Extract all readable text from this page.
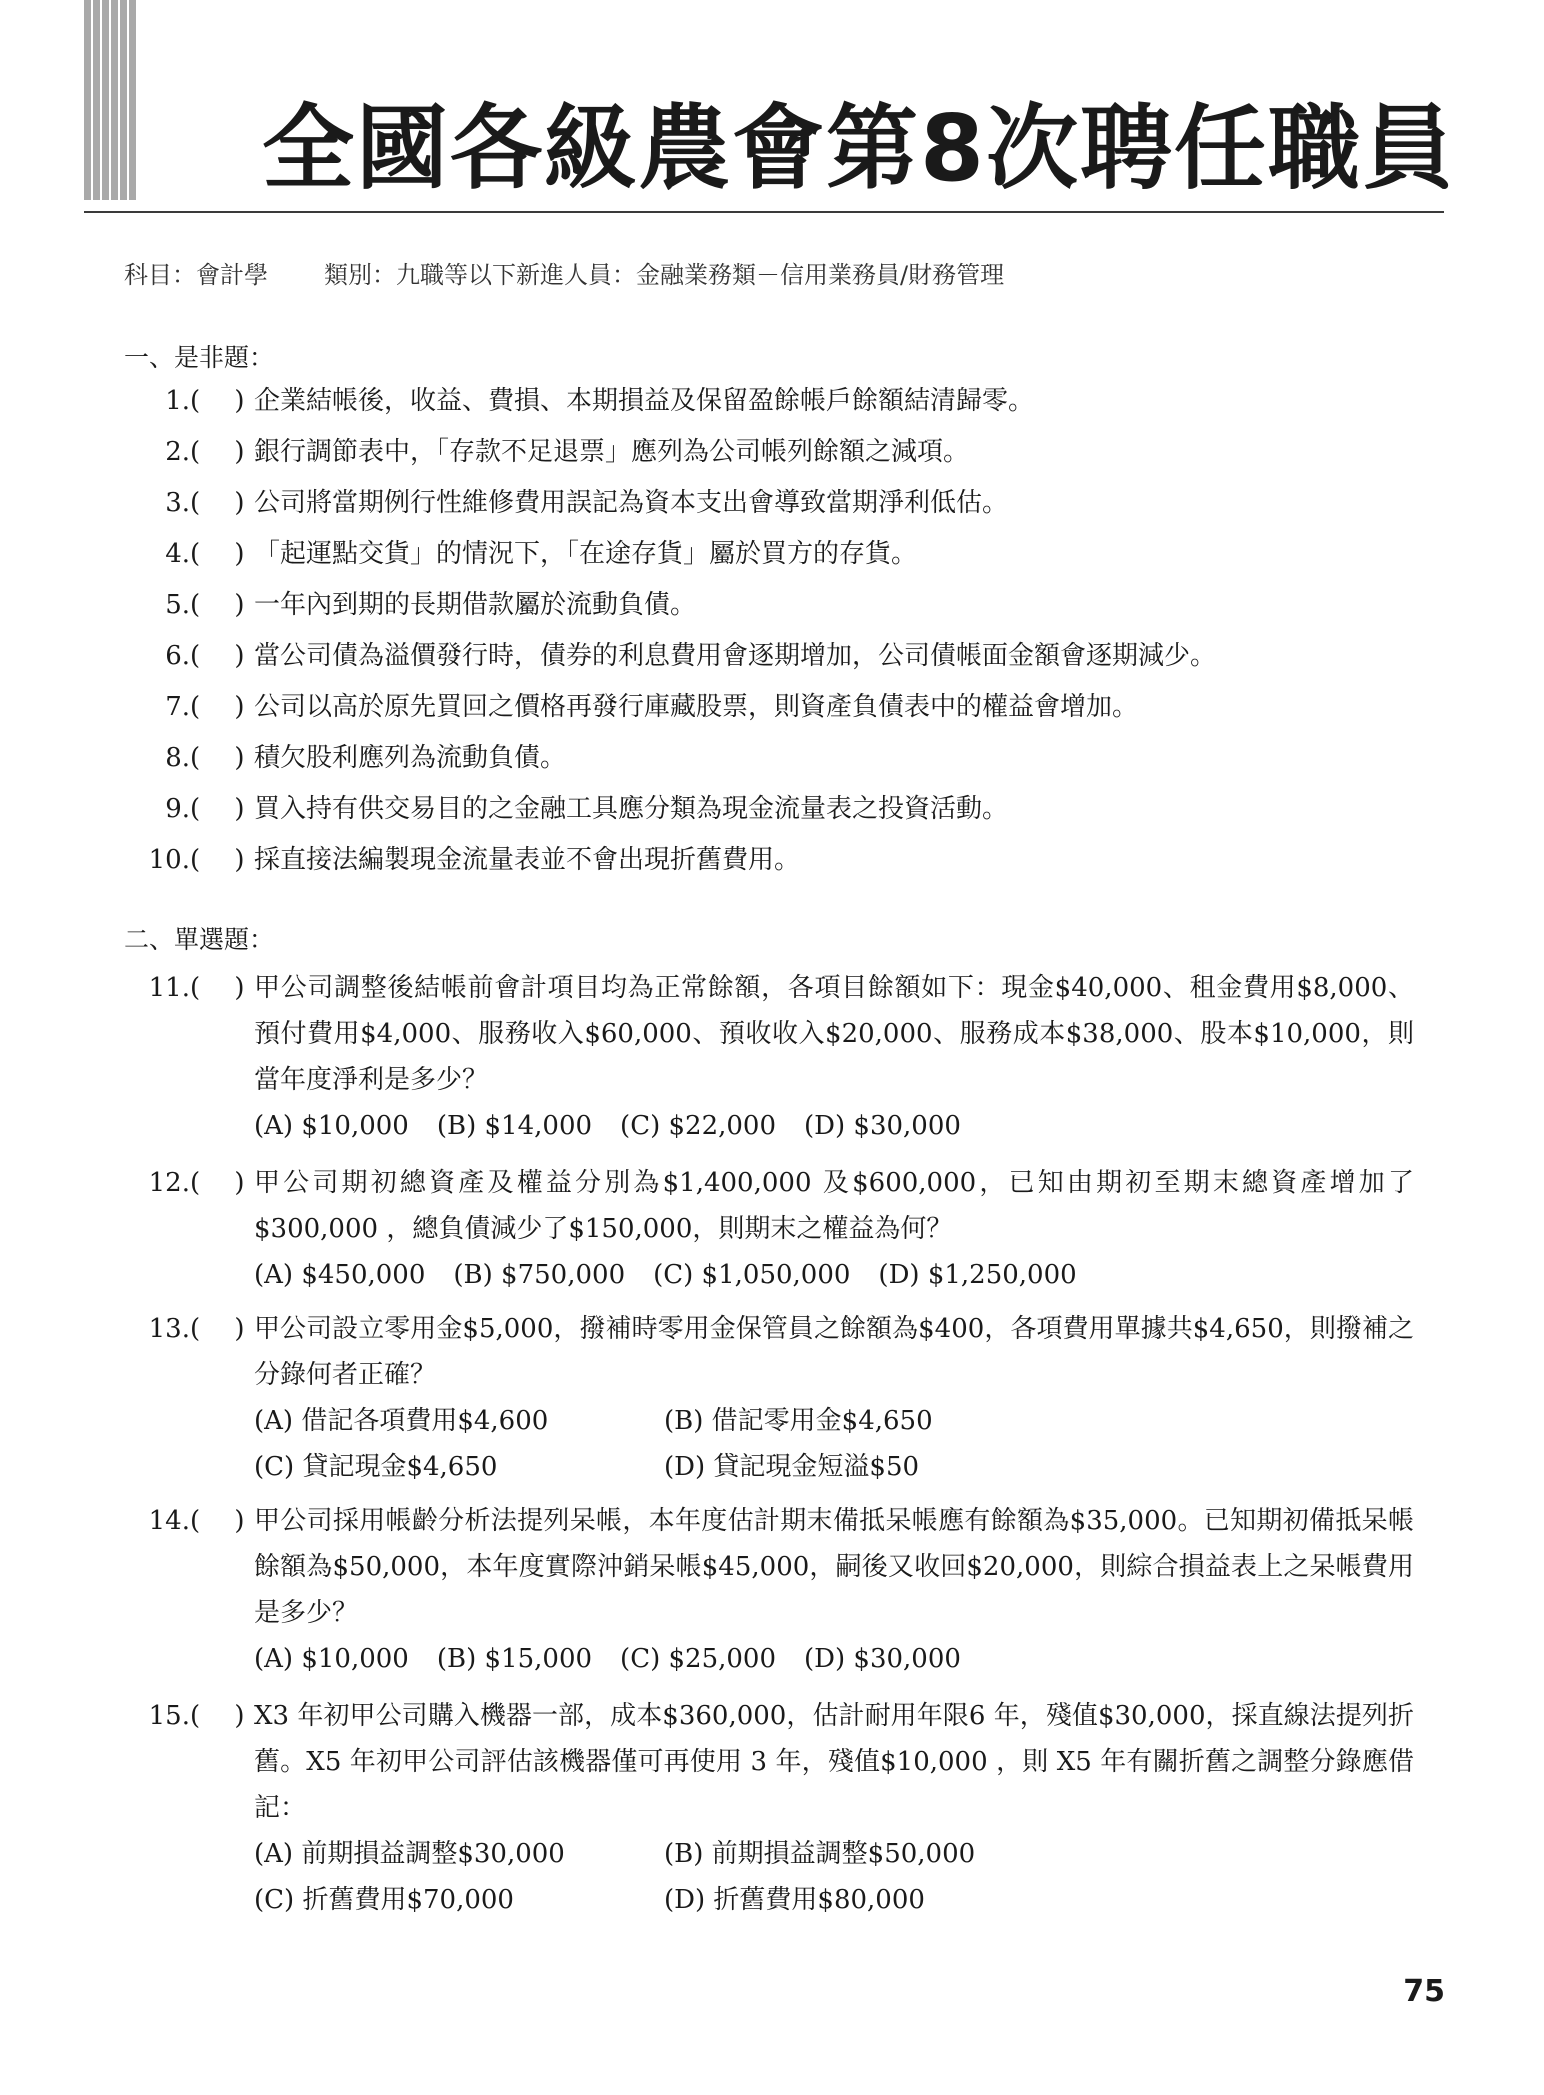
全國各級農會第8次聘任職員
科目：會計學 類別：九職等以下新進人員：金融業務類－信用業務員/財務管理
一、是非題：
1. (　 ) 企業結帳後，收益、費損、本期損益及保留盈餘帳戶餘額結清歸零。
2. (　 ) 銀行調節表中，「存款不足退票」應列為公司帳列餘額之減項。
3. (　 ) 公司將當期例行性維修費用誤記為資本支出會導致當期淨利低估。
4. (　 ) 「起運點交貨」的情況下，「在途存貨」屬於買方的存貨。
5. (　 ) 一年內到期的長期借款屬於流動負債。
6. (　 ) 當公司債為溢價發行時，債券的利息費用會逐期增加，公司債帳面金額會逐期減少。
7. (　 ) 公司以高於原先買回之價格再發行庫藏股票，則資產負債表中的權益會增加。
8. (　 ) 積欠股利應列為流動負債。
9. (　 ) 買入持有供交易目的之金融工具應分類為現金流量表之投資活動。
10. (　 ) 採直接法編製現金流量表並不會出現折舊費用。
二、單選題：
11. (　 ) 甲公司調整後結帳前會計項目均為正常餘額，各項目餘額如下：現金$40,000、租金費用$8,000、預付費用$4,000、服務收入$60,000、預收收入$20,000、服務成本$38,000、股本$10,000，則當年度淨利是多少？
(A) $10,000 (B) $14,000 (C) $22,000 (D) $30,000
12. (　 ) 甲公司期初總資產及權益分別為$1,400,000 及$600,000，已知由期初至期末總資產增加了$300,000 ，總負債減少了$150,000，則期末之權益為何？
(A) $450,000 (B) $750,000 (C) $1,050,000 (D) $1,250,000
13. (　 ) 甲公司設立零用金$5,000，撥補時零用金保管員之餘額為$400，各項費用單據共$4,650，則撥補之分錄何者正確？
(A) 借記各項費用$4,600	(B) 借記零用金$4,650
(C) 貸記現金$4,650	(D) 貸記現金短溢$50
14. (　 ) 甲公司採用帳齡分析法提列呆帳，本年度估計期末備抵呆帳應有餘額為$35,000。已知期初備抵呆帳餘額為$50,000，本年度實際沖銷呆帳$45,000，嗣後又收回$20,000，則綜合損益表上之呆帳費用是多少？
(A) $10,000 (B) $15,000 (C) $25,000 (D) $30,000
15. (　 ) X3 年初甲公司購入機器一部，成本$360,000，估計耐用年限6 年，殘值$30,000，採直線法提列折舊。X5 年初甲公司評估該機器僅可再使用 3 年，殘值$10,000 ，則 X5 年有關折舊之調整分錄應借記：
(A) 前期損益調整$30,000	(B) 前期損益調整$50,000
(C) 折舊費用$70,000	(D) 折舊費用$80,000
75
